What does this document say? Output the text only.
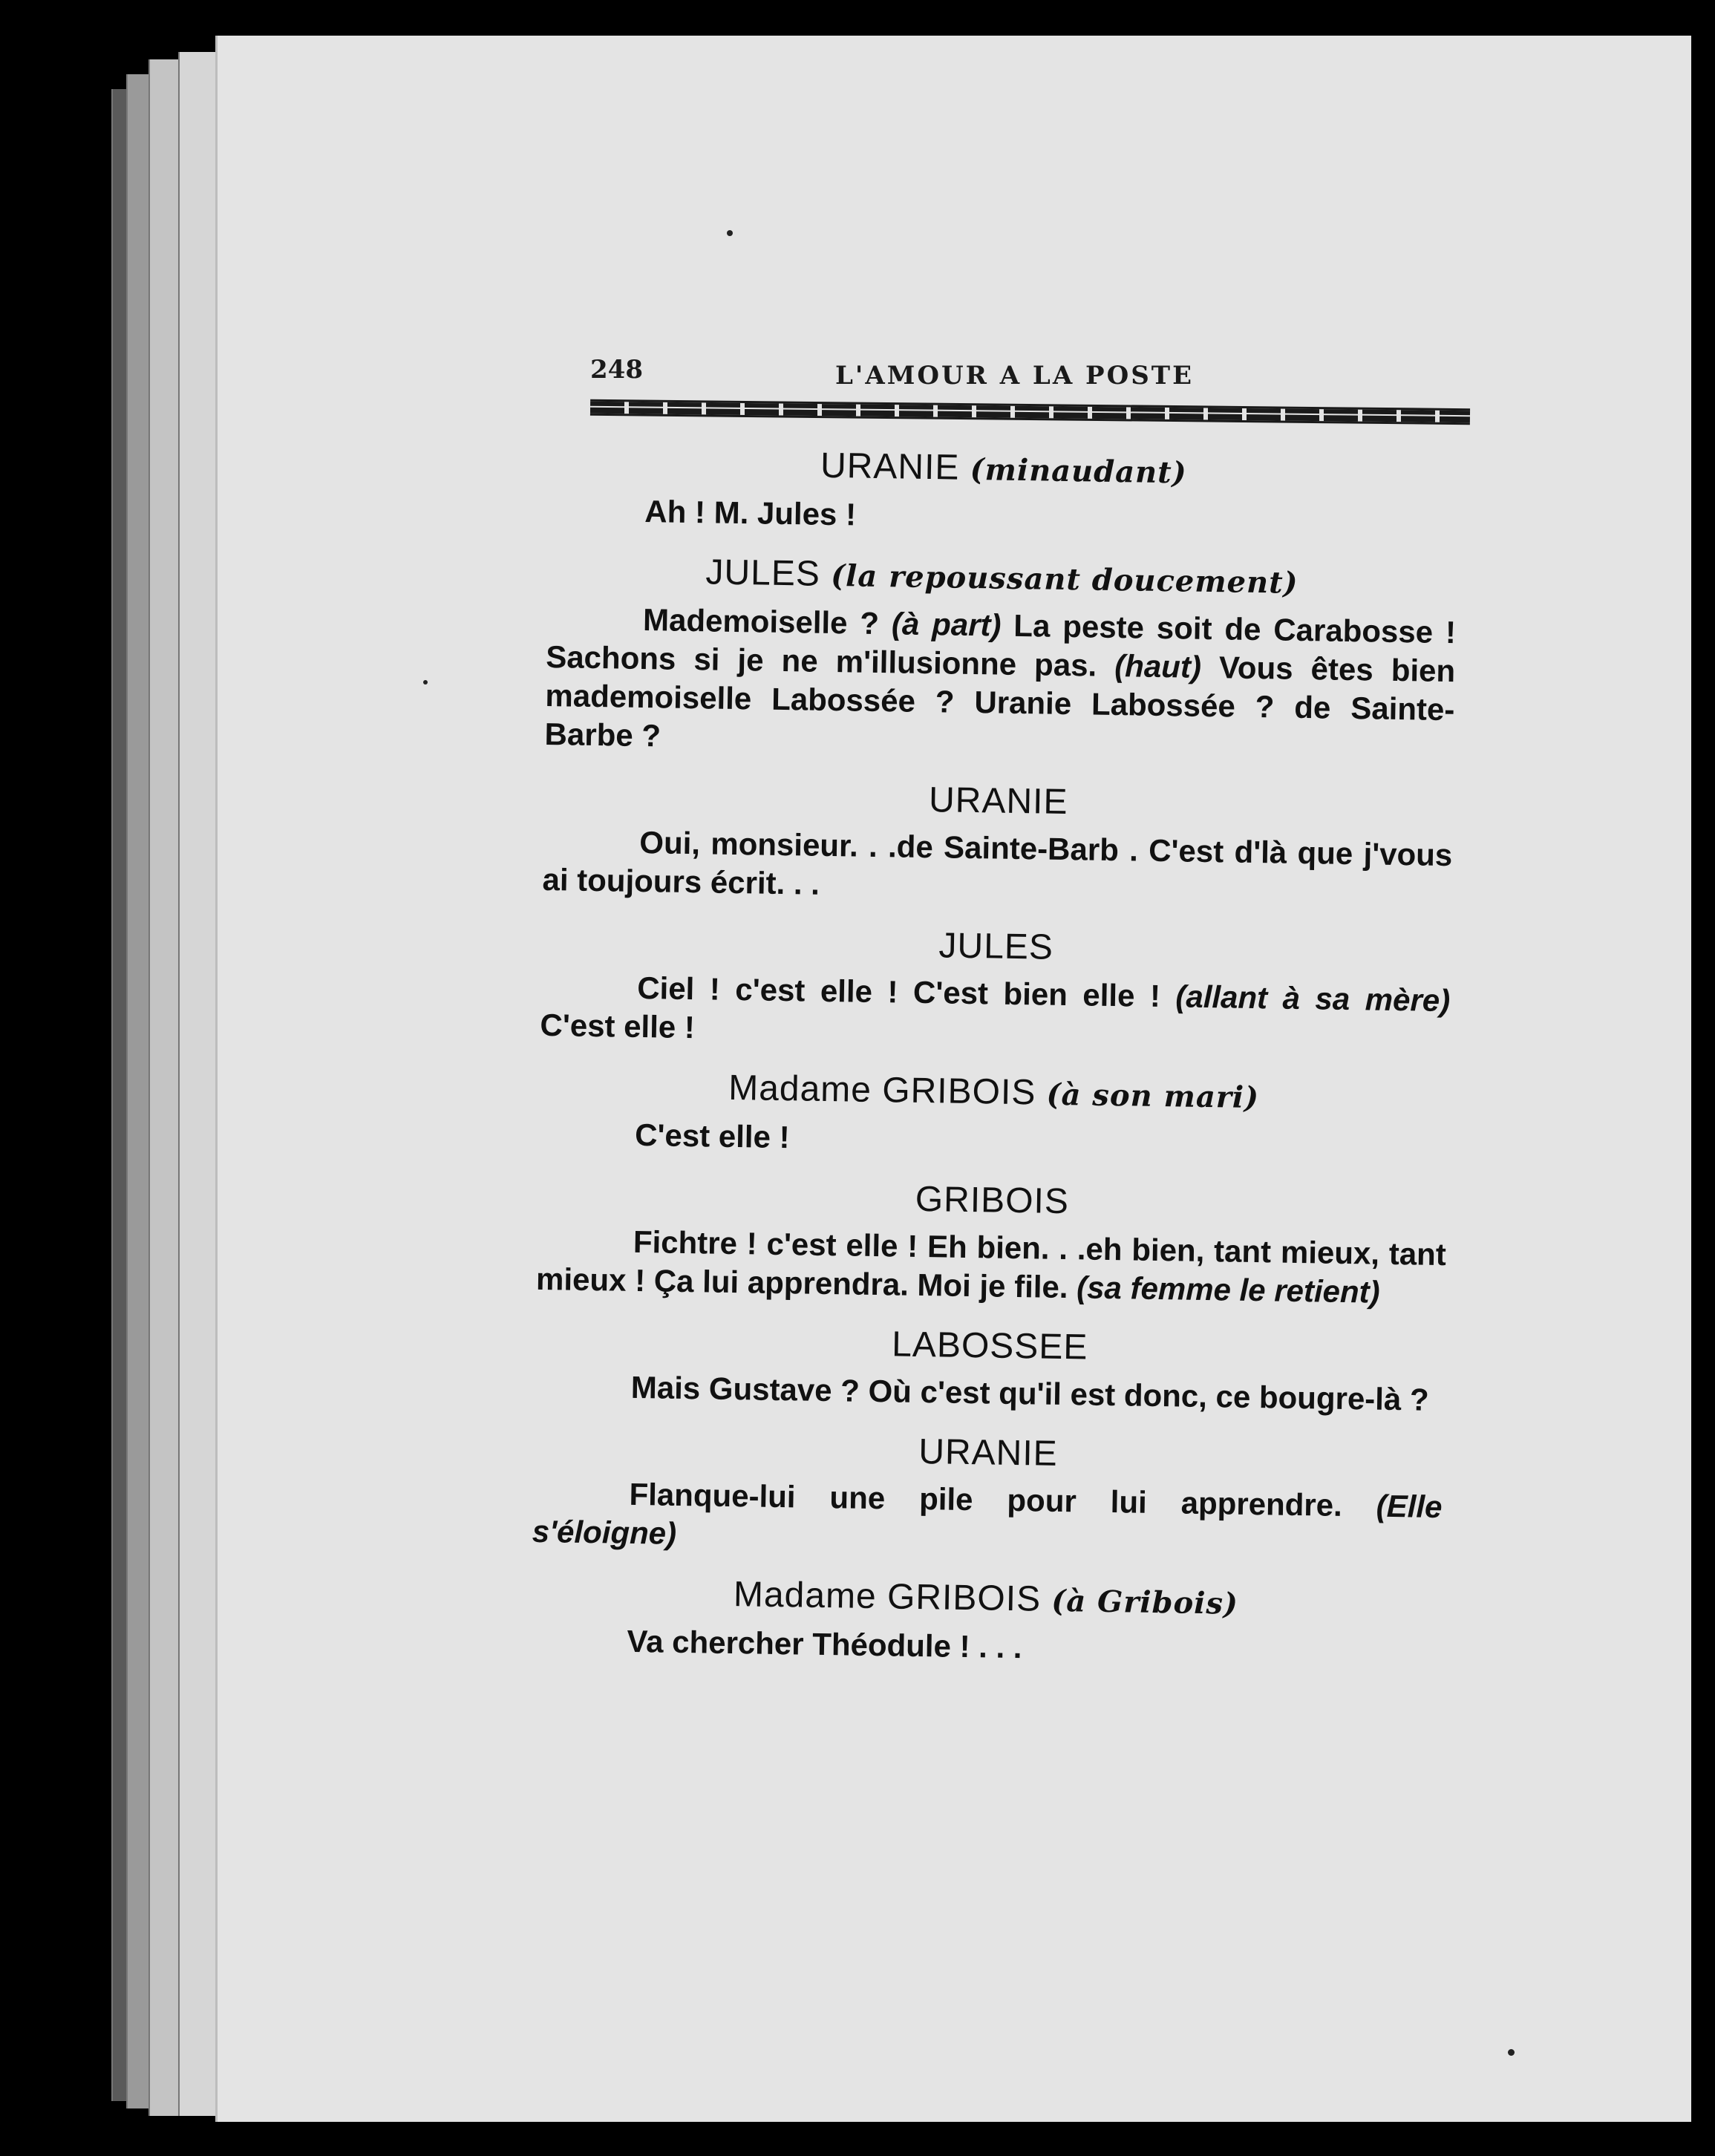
248	L'AMOUR A LA POSTE

URANIE (minaudant)

Ah ! M. Jules !

JULES (la repoussant doucement)

Mademoiselle ? (à part) La peste soit de Carabosse ! Sachons si je ne m'illusionne pas. (haut) Vous êtes bien mademoiselle Labossée ? Uranie Labossée ? de Sainte-Barbe ?

URANIE

Oui, monsieur. . .de Sainte-Barb . C'est d'là que j'vous ai toujours écrit. . .

JULES

Ciel ! c'est elle ! C'est bien elle ! (allant à sa mère) C'est elle !

Madame GRIBOIS (à son mari)

C'est elle !

GRIBOIS

Fichtre ! c'est elle ! Eh bien. . .eh bien, tant mieux, tant mieux ! Ça lui apprendra. Moi je file. (sa femme le retient)

LABOSSEE

Mais Gustave ? Où c'est qu'il est donc, ce bougre-là ?

URANIE

Flanque-lui une pile pour lui apprendre. (Elle s'éloigne)

Madame GRIBOIS (à Gribois)

Va chercher Théodule ! . . .
